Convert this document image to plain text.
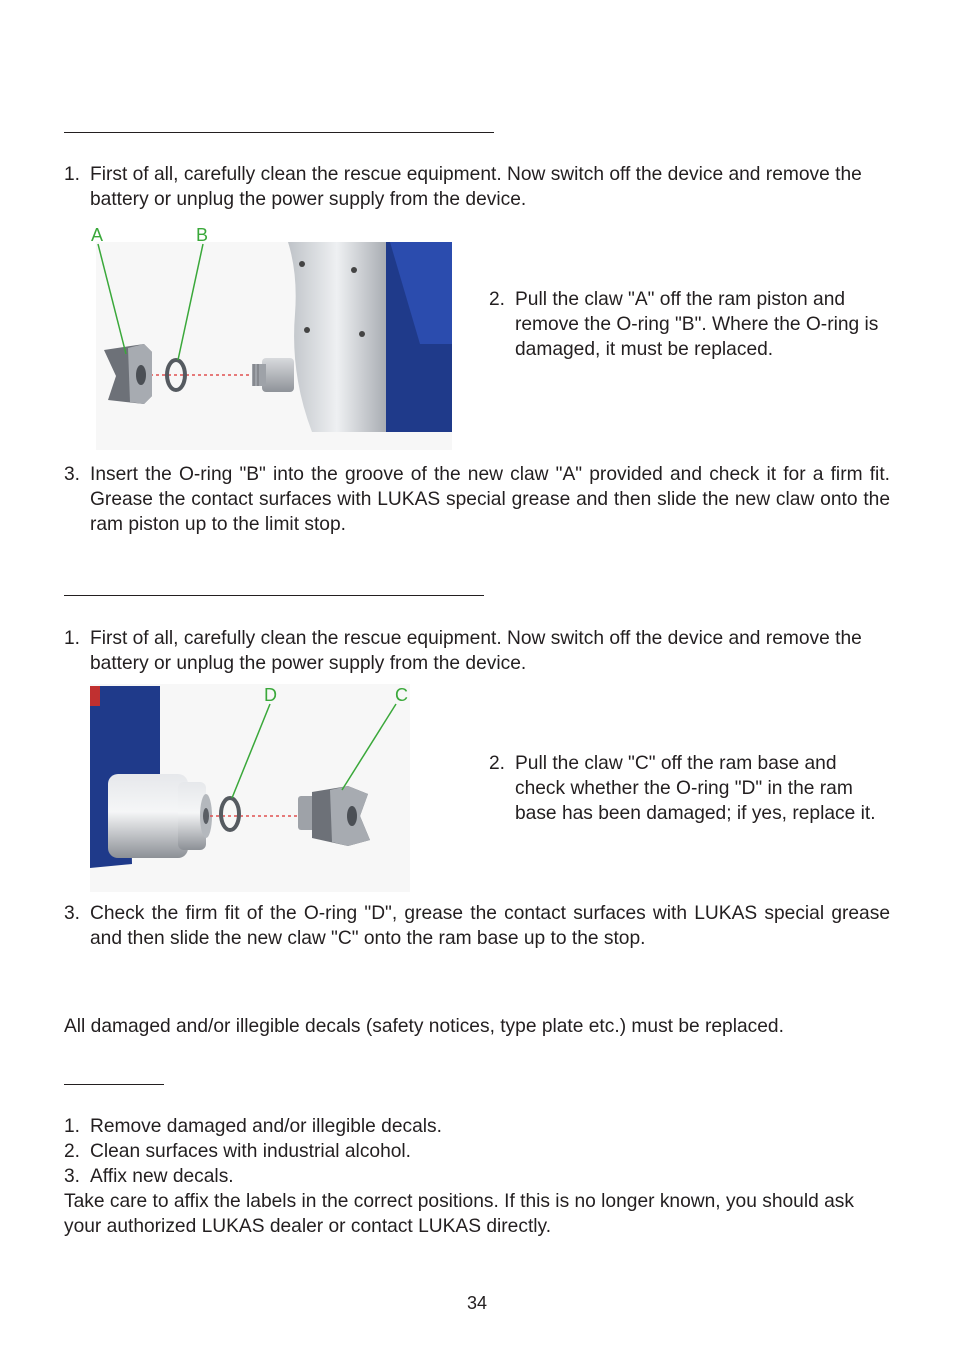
1. First of all, carefully clean the rescue equipment. Now switch off the device and remove the battery or unplug the power supply from the device.
A	B
2. Pull the claw "A" off the ram piston and remove the O-ring "B". Where the O-ring is damaged, it must be replaced.
3. Insert the O-ring "B" into the groove of the new claw "A" provided and check it for a firm fit. Grease the contact surfaces with LUKAS special grease and then slide the new claw onto the ram piston up to the limit stop.
1. First of all, carefully clean the rescue equipment. Now switch off the device and remove the battery or unplug the power supply from the device.
D	C
2. Pull the claw "C" off the ram base and check whether the O-ring "D" in the ram base has been damaged; if yes, replace it.
3. Check the firm fit of the O-ring "D", grease the contact surfaces with LUKAS special grease and then slide the new claw "C" onto the ram base up to the stop.
All damaged and/or illegible decals (safety notices, type plate etc.) must be replaced.
1. Remove damaged and/or illegible decals.
2. Clean surfaces with industrial alcohol.
3. Affix new decals.
Take care to affix the labels in the correct positions. If this is no longer known, you should ask your authorized LUKAS dealer or contact LUKAS directly.
34
